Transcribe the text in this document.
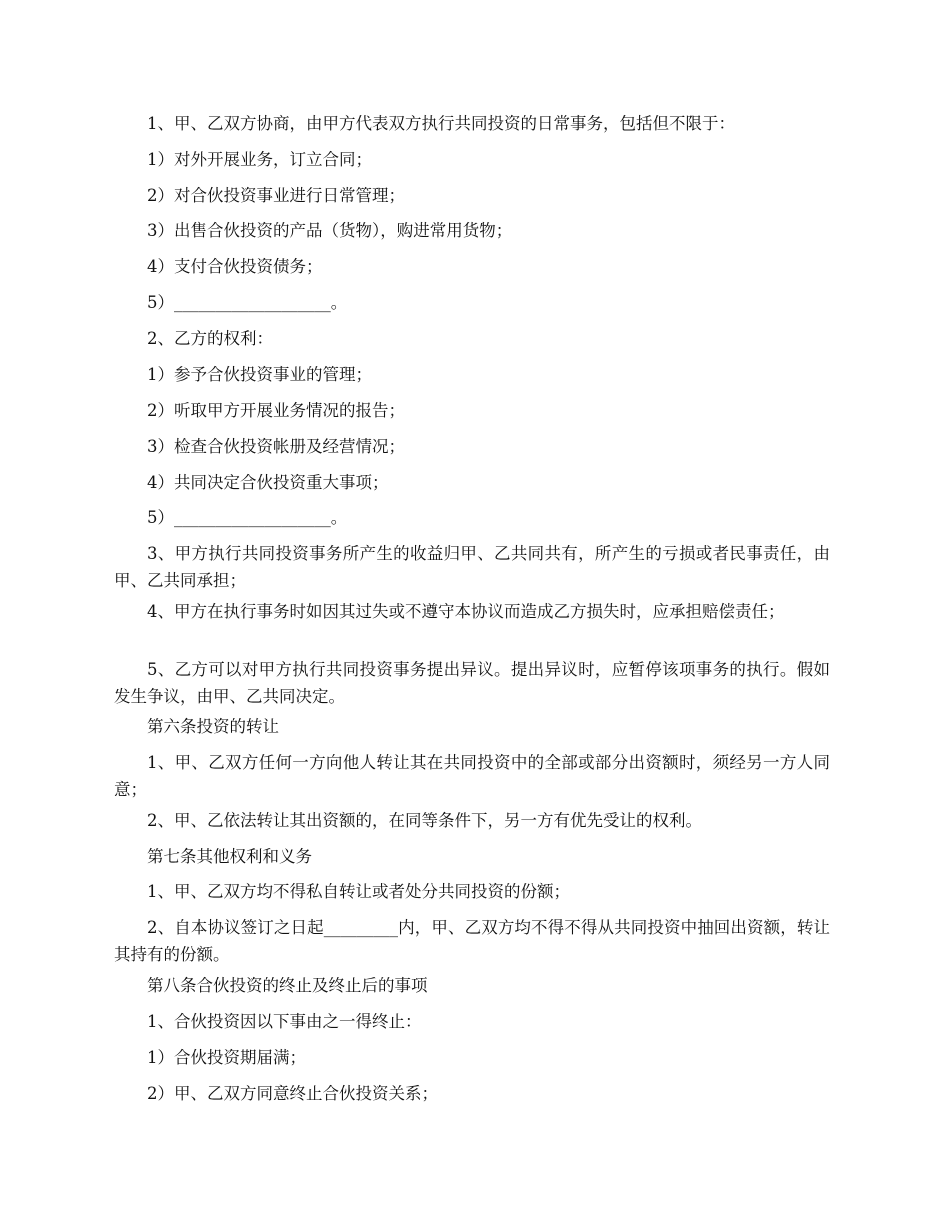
1、甲、乙双方协商，由甲方代表双方执行共同投资的日常事务，包括但不限于：

1）对外开展业务，订立合同；

2）对合伙投资事业进行日常管理；

3）出售合伙投资的产品（货物），购进常用货物；

4）支付合伙投资债务；

5）___________________。

2、乙方的权利：

1）参予合伙投资事业的管理；

2）听取甲方开展业务情况的报告；

3）检查合伙投资帐册及经营情况；

4）共同决定合伙投资重大事项；

5）___________________。

3、甲方执行共同投资事务所产生的收益归甲、乙共同共有，所产生的亏损或者民事责任，由甲、乙共同承担；

4、甲方在执行事务时如因其过失或不遵守本协议而造成乙方损失时，应承担赔偿责任；

5、乙方可以对甲方执行共同投资事务提出异议。提出异议时，应暂停该项事务的执行。假如发生争议，由甲、乙共同决定。

第六条投资的转让

1、甲、乙双方任何一方向他人转让其在共同投资中的全部或部分出资额时，须经另一方人同意；

2、甲、乙依法转让其出资额的，在同等条件下，另一方有优先受让的权利。

第七条其他权利和义务

1、甲、乙双方均不得私自转让或者处分共同投资的份额；

2、自本协议签订之日起_________内，甲、乙双方均不得不得从共同投资中抽回出资额，转让其持有的份额。

第八条合伙投资的终止及终止后的事项

1、合伙投资因以下事由之一得终止：

1）合伙投资期届满；

2）甲、乙双方同意终止合伙投资关系；
